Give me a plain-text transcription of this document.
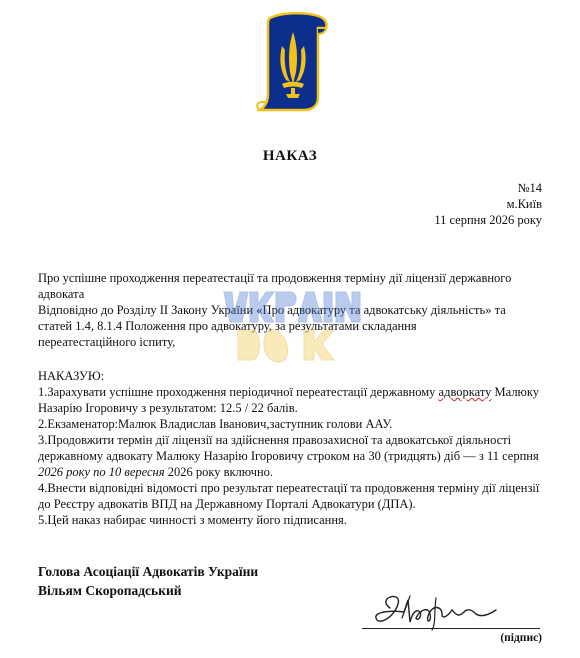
НАКАЗ
№14
м.Київ
11 серпня 2026 року

Про успішне проходження переатестації та продовження терміну дії ліцензії державного

адвоката

Відповідно до Розділу ІІ Закону України «Про адвокатуру та адвокатську діяльність» та

статей 1.4, 8.1.4 Положення про адвокатуру, за результатами складання

переатестаційного іспиту,

НАКАЗУЮ:

1.Зарахувати успішне проходження періодичної переатестації державному адворкату Малюку

Назарію Ігоровичу з результатом: 12.5 / 22 балів.

2.Екзаменатор:Малюк Владислав Іванович,заступник голови ААУ.

3.Продовжити термін дії ліцензії на здійснення правозахисної та адвокатської діяльності

державному адвокату Малюку Назарію Ігоровичу строком на 30 (тридцять) діб — з 11 серпня

2026 року по 10 вересня 2026 року включно.

4.Внести відповідні відомості про результат переатестації та продовження терміну дії ліцензії

до Реєстру адвокатів ВПД на Державному Порталі Адвокатури (ДПА).

5.Цей наказ набирає чинності з моменту його підписання.

Голова Асоціації Адвокатів України
Вільям Скоропадський
(підпис)
